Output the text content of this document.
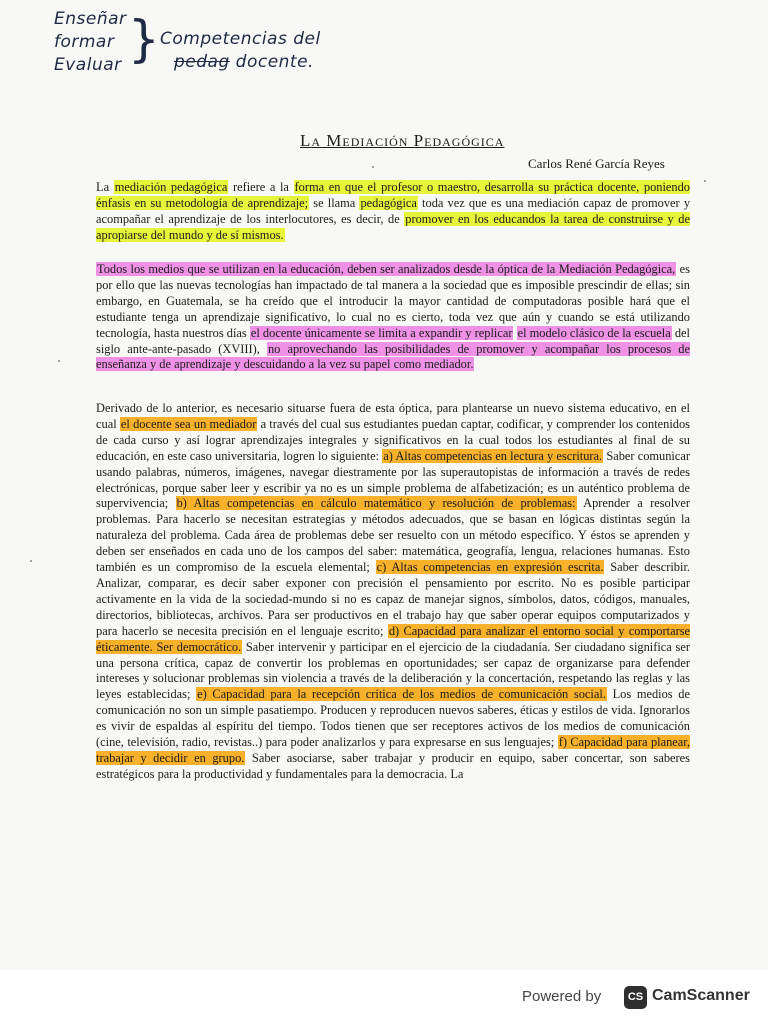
Enseñar
formar
Evaluar } Competencias del
pedag docente.
La Mediación Pedagógica
Carlos René García Reyes
La mediación pedagógica refiere a la forma en que el profesor o maestro, desarrolla su práctica docente, poniendo énfasis en su metodología de aprendizaje; se llama pedagógica toda vez que es una mediación capaz de promover y acompañar el aprendizaje de los interlocutores, es decir, de promover en los educandos la tarea de construirse y de apropiarse del mundo y de sí mismos.
Todos los medios que se utilizan en la educación, deben ser analizados desde la óptica de la Mediación Pedagógica, es por ello que las nuevas tecnologías han impactado de tal manera a la sociedad que es imposible prescindir de ellas; sin embargo, en Guatemala, se ha creído que el introducir la mayor cantidad de computadoras posible hará que el estudiante tenga un aprendizaje significativo, lo cual no es cierto, toda vez que aún y cuando se está utilizando tecnología, hasta nuestros días el docente únicamente se limita a expandir y replicar el modelo clásico de la escuela del siglo ante-ante-pasado (XVIII), no aprovechando las posibilidades de promover y acompañar los procesos de enseñanza y de aprendizaje y descuidando a la vez su papel como mediador.
Derivado de lo anterior, es necesario situarse fuera de esta óptica, para plantearse un nuevo sistema educativo, en el cual el docente sea un mediador a través del cual sus estudiantes puedan captar, codificar, y comprender los contenidos de cada curso y así lograr aprendizajes integrales y significativos en la cual todos los estudiantes al final de su educación, en este caso universitaria, logren lo siguiente: a) Altas competencias en lectura y escritura. Saber comunicar usando palabras, números, imágenes, navegar diestramente por las superautopistas de información a través de redes electrónicas, porque saber leer y escribir ya no es un simple problema de alfabetización; es un auténtico problema de supervivencia; b) Altas competencias en cálculo matemático y resolución de problemas: Aprender a resolver problemas. Para hacerlo se necesitan estrategias y métodos adecuados, que se basan en lógicas distintas según la naturaleza del problema. Cada área de problemas debe ser resuelto con un método específico. Y éstos se aprenden y deben ser enseñados en cada uno de los campos del saber: matemática, geografía, lengua, relaciones humanas. Esto también es un compromiso de la escuela elemental; c) Altas competencias en expresión escrita. Saber describir. Analizar, comparar, es decir saber exponer con precisión el pensamiento por escrito. No es posible participar activamente en la vida de la sociedad-mundo si no es capaz de manejar signos, símbolos, datos, códigos, manuales, directorios, bibliotecas, archivos. Para ser productivos en el trabajo hay que saber operar equipos computarizados y para hacerlo se necesita precisión en el lenguaje escrito; d) Capacidad para analizar el entorno social y comportarse éticamente. Ser democrático. Saber intervenir y participar en el ejercicio de la ciudadanía. Ser ciudadano significa ser una persona crítica, capaz de convertir los problemas en oportunidades; ser capaz de organizarse para defender intereses y solucionar problemas sin violencia a través de la deliberación y la concertación, respetando las reglas y las leyes establecidas; e) Capacidad para la recepción crítica de los medios de comunicación social. Los medios de comunicación no son un simple pasatiempo. Producen y reproducen nuevos saberes, éticas y estilos de vida. Ignorarlos es vivir de espaldas al espíritu del tiempo. Todos tienen que ser receptores activos de los medios de comunicación (cine, televisión, radio, revistas..) para poder analizarlos y para expresarse en sus lenguajes; f) Capacidad para planear, trabajar y decidir en grupo. Saber asociarse, saber trabajar y producir en equipo, saber concertar, son saberes estratégicos para la productividad y fundamentales para la democracia. La
Powered by	CS CamScanner
